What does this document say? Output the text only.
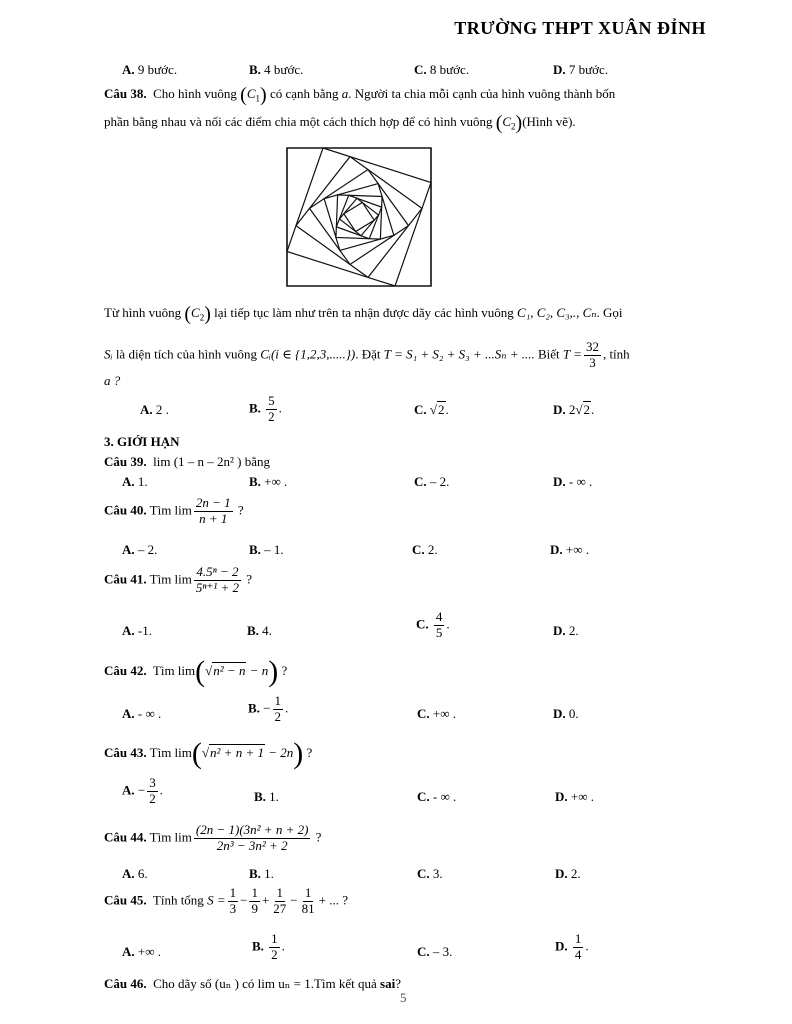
TRƯỜNG THPT XUÂN ĐỈNH
A. 9 bước.	B. 4 bước.	C. 8 bước.	D. 7 bước.
Câu 38. Cho hình vuông $(C_1)$ có cạnh bằng a. Người ta chia mỗi cạnh của hình vuông thành bốn
phần bằng nhau và nối các điểm chia một cách thích hợp để có hình vuông $(C_2)(Hình$ vẽ).
Từ hình vuông $(C_2)$ lại tiếp tục làm như trên ta nhận được dãy các hình vuông C₁, C₂, C₃,., Cₙ. Gọi
Sᵢ là diện tích của hình vuông Cᵢ(i ∈ {1,2,3,.....}). Đặt T = S₁ + S₂ + S₃ + ...Sₙ + .... Biết $T = \frac{32}{3}$ , tính
a ?
A. 2 .	B. $\frac{5}{2}$ .	C. √2.	D. 2√2.
3. GIỚI HẠN
Câu 39. lim (1 – n – 2n² ) bằng
A. 1.	B. +∞ .	C. – 2.	D. - ∞ .
Câu 40. Tìm $\lim \frac{2n - 1}{n + 1}$ ?
A. – 2.	B. – 1.	C. 2.	D. +∞ .
Câu 41. Tìm $\lim \frac{\text{4.5ⁿ − 2}}{\text{5ⁿ⁺¹ + 2}}$ ?
A. -1.	B. 4.	C. $\frac{4}{5}$ .	D. 2.
Câu 42. Tìm lim(√n² − n − n) ?
A. - ∞ .	B. − $\frac{1}{2}$ .	C. +∞ .	D. 0.
Câu 43. Tìm lim(√n² + n + 1 − 2n) ?
A. − $\frac{3}{2}$ .	B. 1.	C. - ∞ .	D. +∞ .
Câu 44. Tìm $\lim \frac{\text{(2n − 1)(3n² + n + 2)}}{\text{2n³ − 3n² + 2}}$ ?
A. 6.	B. 1.	C. 3.	D. 2.
Câu 45. Tính tổng $S = \frac{1}{3} - \frac{1}{9} + \frac{1}{27} - \frac{1}{81}$ + ... ?
A. +∞ .	B. $\frac{1}{2}$ .	C. – 3.	D. $\frac{1}{4}$ .
Câu 46. Cho dãy số (uₙ ) có lim uₙ = 1.Tìm kết quả sai?
5
